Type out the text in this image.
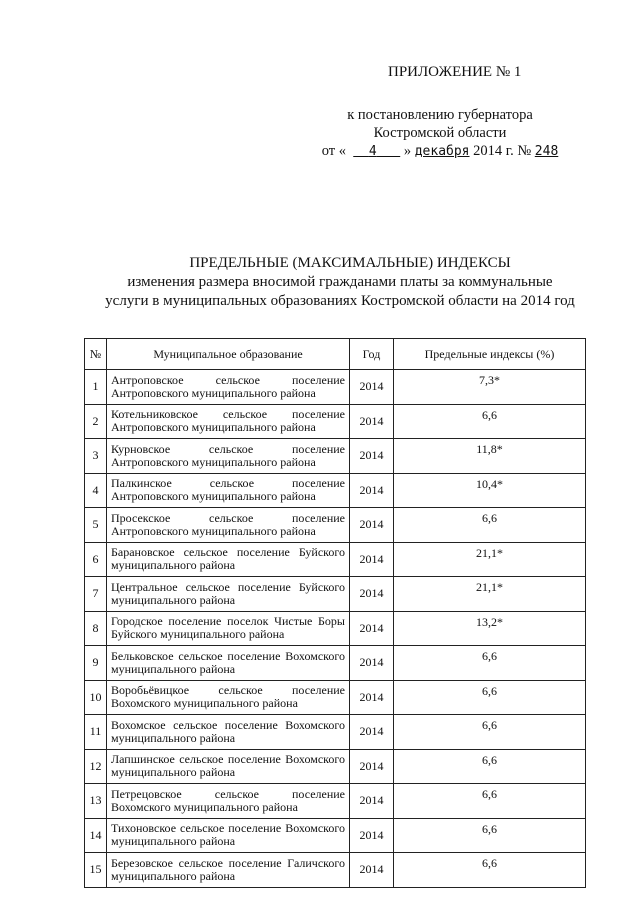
ПРИЛОЖЕНИЕ № 1
к постановлению губернатора
Костромской области
от « 4 » декабря 2014 г. № 248
ПРЕДЕЛЬНЫЕ (МАКСИМАЛЬНЫЕ) ИНДЕКСЫ
изменения размера вносимой гражданами платы за коммунальные
услуги в муниципальных образованиях Костромской области на 2014 год
№	Муниципальное образование	Год	Предельные индексы (%)
1	Антроповское сельское поселение Антроповского муниципального района	2014	7,3*
2	Котельниковское сельское поселение Антроповского муниципального района	2014	6,6
3	Курновское сельское поселение Антроповского муниципального района	2014	11,8*
4	Палкинское сельское поселение Антроповского муниципального района	2014	10,4*
5	Просекское сельское поселение Антроповского муниципального района	2014	6,6
6	Барановское сельское поселение Буйского муниципального района	2014	21,1*
7	Центральное сельское поселение Буйского муниципального района	2014	21,1*
8	Городское поселение поселок Чистые Боры Буйского муниципального района	2014	13,2*
9	Бельковское сельское поселение Вохомского муниципального района	2014	6,6
10	Воробьёвицкое сельское поселение Вохомского муниципального района	2014	6,6
11	Вохомское сельское поселение Вохомского муниципального района	2014	6,6
12	Лапшинское сельское поселение Вохомского муниципального района	2014	6,6
13	Петрецовское сельское поселение Вохомского муниципального района	2014	6,6
14	Тихоновское сельское поселение Вохомского муниципального района	2014	6,6
15	Березовское сельское поселение Галичского муниципального района	2014	6,6
